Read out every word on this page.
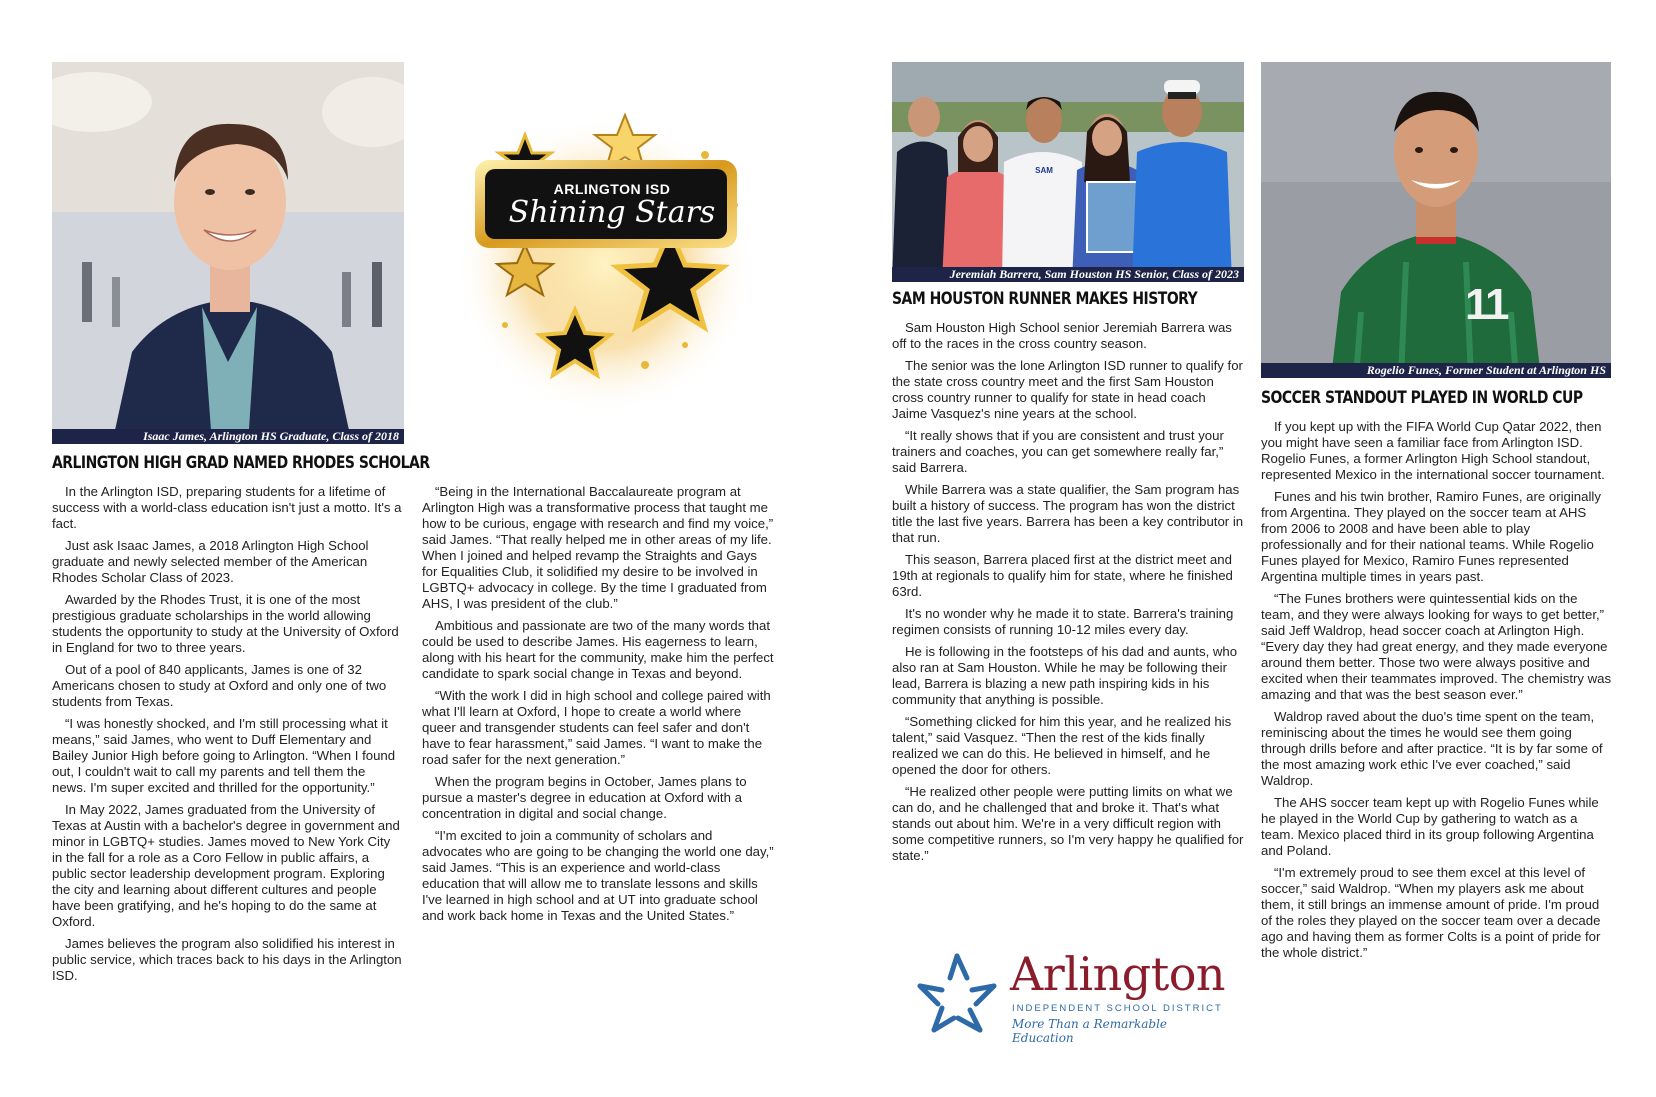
Isaac James, Arlington HS Graduate, Class of 2018
ARLINGTON ISD
Shining Stars
ARLINGTON HIGH GRAD NAMED RHODES SCHOLAR

In the Arlington ISD, preparing students for a lifetime of success with a world-class education isn't just a motto. It's a fact.

Just ask Isaac James, a 2018 Arlington High School graduate and newly selected member of the American Rhodes Scholar Class of 2023.

Awarded by the Rhodes Trust, it is one of the most prestigious graduate scholarships in the world allowing students the opportunity to study at the University of Oxford in England for two to three years.

Out of a pool of 840 applicants, James is one of 32 Americans chosen to study at Oxford and only one of two students from Texas.

“I was honestly shocked, and I'm still processing what it means,” said James, who went to Duff Elementary and Bailey Junior High before going to Arlington. “When I found out, I couldn't wait to call my parents and tell them the news. I'm super excited and thrilled for the opportunity.”

In May 2022, James graduated from the University of Texas at Austin with a bachelor's degree in government and minor in LGBTQ+ studies. James moved to New York City in the fall for a role as a Coro Fellow in public affairs, a public sector leadership development program. Exploring the city and learning about different cultures and people have been gratifying, and he's hoping to do the same at Oxford.

James believes the program also solidified his interest in public service, which traces back to his days in the Arlington ISD.

“Being in the International Baccalaureate program at Arlington High was a transformative process that taught me how to be curious, engage with research and find my voice,” said James. “That really helped me in other areas of my life. When I joined and helped revamp the Straights and Gays for Equalities Club, it solidified my desire to be involved in LGBTQ+ advocacy in college. By the time I graduated from AHS, I was president of the club.”

Ambitious and passionate are two of the many words that could be used to describe James. His eagerness to learn, along with his heart for the community, make him the perfect candidate to spark social change in Texas and beyond.

“With the work I did in high school and college paired with what I'll learn at Oxford, I hope to create a world where queer and transgender students can feel safer and don't have to fear harassment,” said James. “I want to make the road safer for the next generation.”

When the program begins in October, James plans to pursue a master's degree in education at Oxford with a concentration in digital and social change.

“I'm excited to join a community of scholars and advocates who are going to be changing the world one day,” said James. “This is an experience and world-class education that will allow me to translate lessons and skills I've learned in high school and at UT into graduate school and work back home in Texas and the United States.”

SAM
Jeremiah Barrera, Sam Houston HS Senior, Class of 2023
SAM HOUSTON RUNNER MAKES HISTORY

Sam Houston High School senior Jeremiah Barrera was off to the races in the cross country season.

The senior was the lone Arlington ISD runner to qualify for the state cross country meet and the first Sam Houston cross country runner to qualify for state in head coach Jaime Vasquez's nine years at the school.

“It really shows that if you are consistent and trust your trainers and coaches, you can get somewhere really far,” said Barrera.

While Barrera was a state qualifier, the Sam program has built a history of success. The program has won the district title the last five years. Barrera has been a key contributor in that run.

This season, Barrera placed first at the district meet and 19th at regionals to qualify him for state, where he finished 63rd.

It's no wonder why he made it to state. Barrera's training regimen consists of running 10-12 miles every day.

He is following in the footsteps of his dad and aunts, who also ran at Sam Houston. While he may be following their lead, Barrera is blazing a new path inspiring kids in his community that anything is possible.

“Something clicked for him this year, and he realized his talent,” said Vasquez. “Then the rest of the kids finally realized we can do this. He believed in himself, and he opened the door for others.

“He realized other people were putting limits on what we can do, and he challenged that and broke it. That's what stands out about him. We're in a very difficult region with some competitive runners, so I'm very happy he qualified for state.”

Arlington
INDEPENDENT SCHOOL DISTRICT
More Than a Remarkable Education
11
Rogelio Funes, Former Student at Arlington HS
SOCCER STANDOUT PLAYED IN WORLD CUP

If you kept up with the FIFA World Cup Qatar 2022, then you might have seen a familiar face from Arlington ISD. Rogelio Funes, a former Arlington High School standout, represented Mexico in the international soccer tournament.

Funes and his twin brother, Ramiro Funes, are originally from Argentina. They played on the soccer team at AHS from 2006 to 2008 and have been able to play professionally and for their national teams. While Rogelio Funes played for Mexico, Ramiro Funes represented Argentina multiple times in years past.

“The Funes brothers were quintessential kids on the team, and they were always looking for ways to get better,” said Jeff Waldrop, head soccer coach at Arlington High. “Every day they had great energy, and they made everyone around them better. Those two were always positive and excited when their teammates improved. The chemistry was amazing and that was the best season ever.”

Waldrop raved about the duo's time spent on the team, reminiscing about the times he would see them going through drills before and after practice. “It is by far some of the most amazing work ethic I've ever coached,” said Waldrop.

The AHS soccer team kept up with Rogelio Funes while he played in the World Cup by gathering to watch as a team. Mexico placed third in its group following Argentina and Poland.

“I'm extremely proud to see them excel at this level of soccer,” said Waldrop. “When my players ask me about them, it still brings an immense amount of pride. I'm proud of the roles they played on the soccer team over a decade ago and having them as former Colts is a point of pride for the whole district.”
